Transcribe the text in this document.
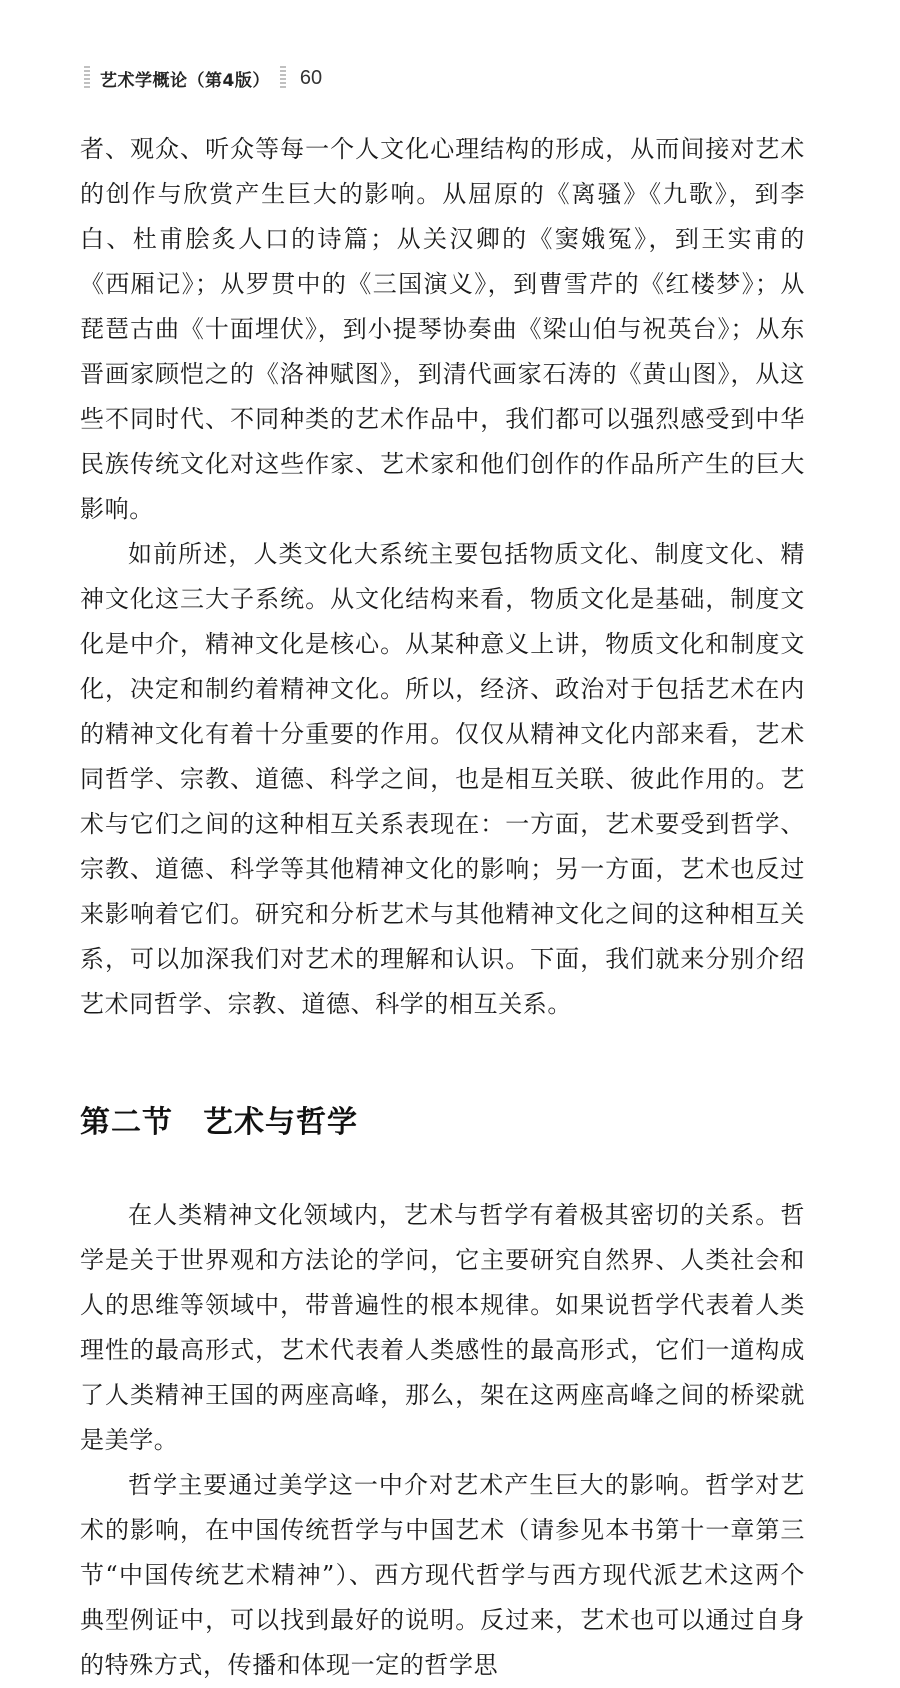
艺术学概论（第4版） 60

者、观众、听众等每一个人文化心理结构的形成，从而间接对艺术的创作与欣赏产生巨大的影响。从屈原的《离骚》《九歌》，到李白、杜甫脍炙人口的诗篇；从关汉卿的《窦娥冤》，到王实甫的《西厢记》；从罗贯中的《三国演义》，到曹雪芹的《红楼梦》；从琵琶古曲《十面埋伏》，到小提琴协奏曲《梁山伯与祝英台》；从东晋画家顾恺之的《洛神赋图》，到清代画家石涛的《黄山图》，从这些不同时代、不同种类的艺术作品中，我们都可以强烈感受到中华民族传统文化对这些作家、艺术家和他们创作的作品所产生的巨大影响。

如前所述，人类文化大系统主要包括物质文化、制度文化、精神文化这三大子系统。从文化结构来看，物质文化是基础，制度文化是中介，精神文化是核心。从某种意义上讲，物质文化和制度文化，决定和制约着精神文化。所以，经济、政治对于包括艺术在内的精神文化有着十分重要的作用。仅仅从精神文化内部来看，艺术同哲学、宗教、道德、科学之间，也是相互关联、彼此作用的。艺术与它们之间的这种相互关系表现在：一方面，艺术要受到哲学、宗教、道德、科学等其他精神文化的影响；另一方面，艺术也反过来影响着它们。研究和分析艺术与其他精神文化之间的这种相互关系，可以加深我们对艺术的理解和认识。下面，我们就来分别介绍艺术同哲学、宗教、道德、科学的相互关系。

第二节 艺术与哲学

在人类精神文化领域内，艺术与哲学有着极其密切的关系。哲学是关于世界观和方法论的学问，它主要研究自然界、人类社会和人的思维等领域中，带普遍性的根本规律。如果说哲学代表着人类理性的最高形式，艺术代表着人类感性的最高形式，它们一道构成了人类精神王国的两座高峰，那么，架在这两座高峰之间的桥梁就是美学。

哲学主要通过美学这一中介对艺术产生巨大的影响。哲学对艺术的影响，在中国传统哲学与中国艺术（请参见本书第十一章第三节“中国传统艺术精神”）、西方现代哲学与西方现代派艺术这两个典型例证中，可以找到最好的说明。反过来，艺术也可以通过自身的特殊方式，传播和体现一定的哲学思
